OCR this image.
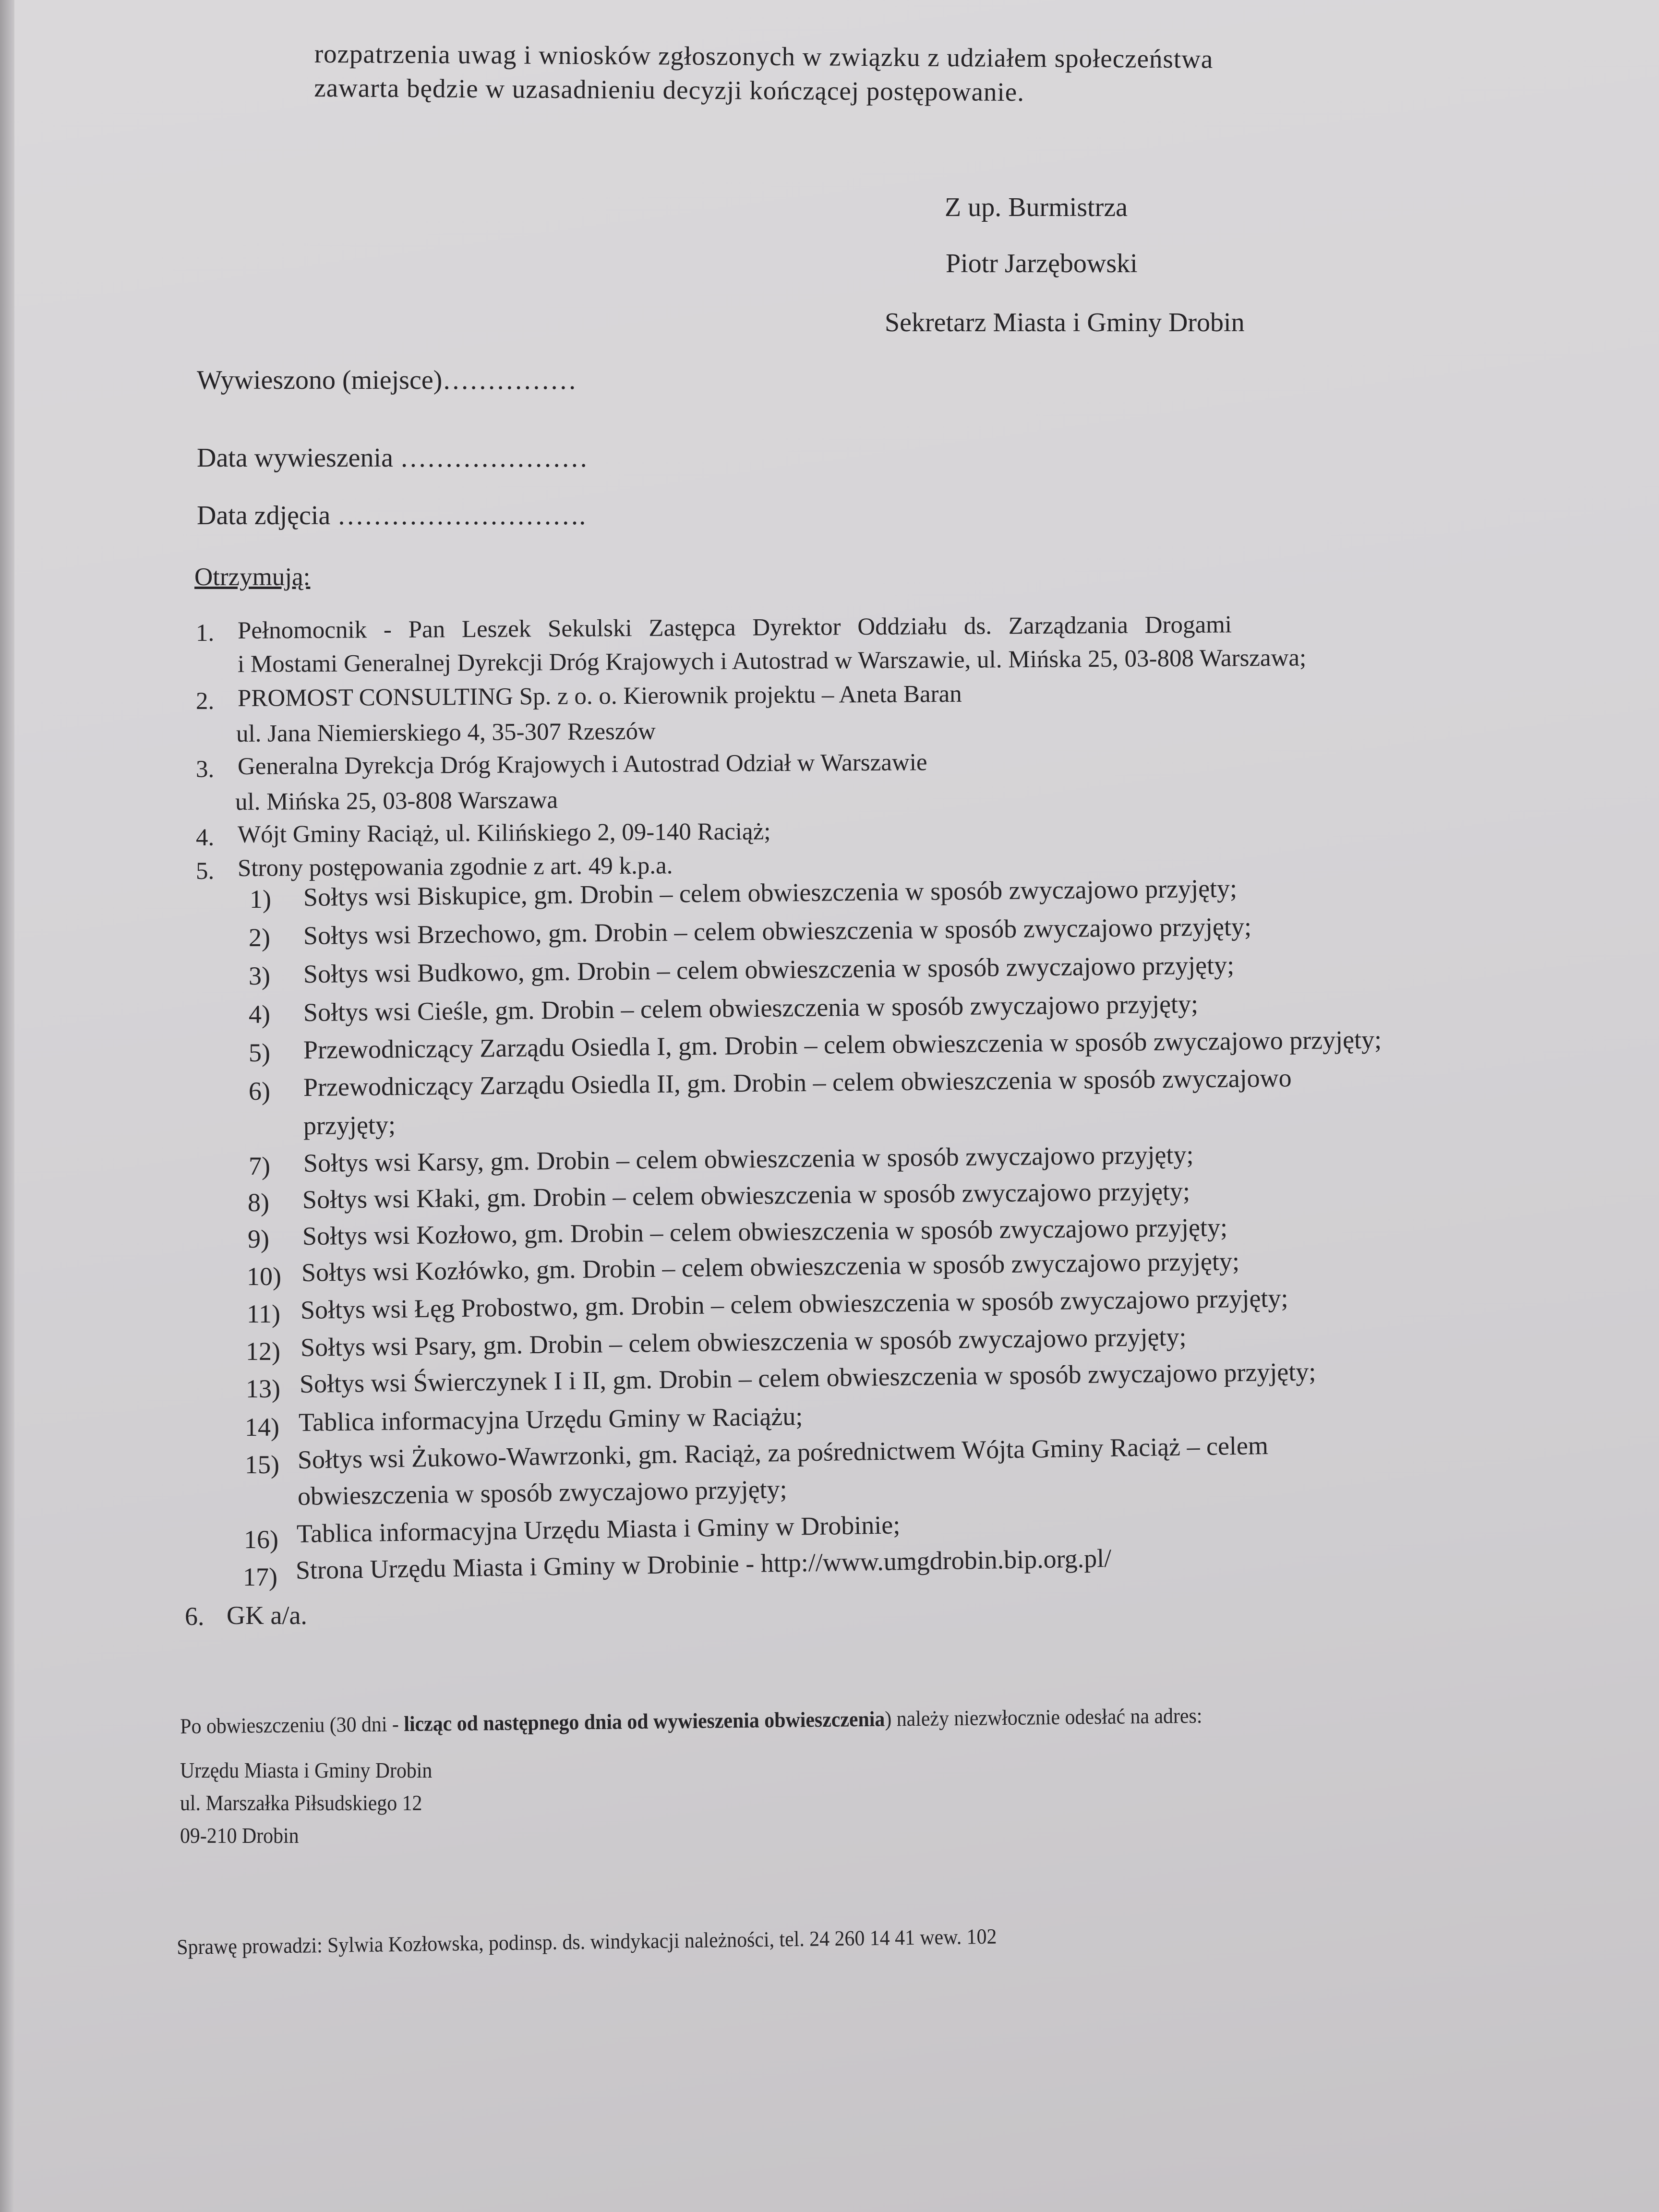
rozpatrzenia uwag i wniosków zgłoszonych w związku z udziałem społeczeństwa
zawarta będzie w uzasadnieniu decyzji kończącej postępowanie.
Z up. Burmistrza
Piotr Jarzębowski
Sekretarz Miasta i Gminy Drobin
Wywieszono (miejsce)……………
Data wywieszenia …………………
Data zdjęcia ……………………….
Otrzymują:
1. Pełnomocnik - Pan Leszek Sekulski Zastępca Dyrektor Oddziału ds. Zarządzania Drogami
i Mostami Generalnej Dyrekcji Dróg Krajowych i Autostrad w Warszawie, ul. Mińska 25, 03-808 Warszawa;
2. PROMOST CONSULTING Sp. z o. o. Kierownik projektu – Aneta Baran
ul. Jana Niemierskiego 4, 35-307 Rzeszów
3. Generalna Dyrekcja Dróg Krajowych i Autostrad Odział w Warszawie
ul. Mińska 25, 03-808 Warszawa
4. Wójt Gminy Raciąż, ul. Kilińskiego 2, 09-140 Raciąż;
5. Strony postępowania zgodnie z art. 49 k.p.a.
1) Sołtys wsi Biskupice, gm. Drobin – celem obwieszczenia w sposób zwyczajowo przyjęty;
2) Sołtys wsi Brzechowo, gm. Drobin – celem obwieszczenia w sposób zwyczajowo przyjęty;
3) Sołtys wsi Budkowo, gm. Drobin – celem obwieszczenia w sposób zwyczajowo przyjęty;
4) Sołtys wsi Cieśle, gm. Drobin – celem obwieszczenia w sposób zwyczajowo przyjęty;
5) Przewodniczący Zarządu Osiedla I, gm. Drobin – celem obwieszczenia w sposób zwyczajowo przyjęty;
6) Przewodniczący Zarządu Osiedla II, gm. Drobin – celem obwieszczenia w sposób zwyczajowo
przyjęty;
7) Sołtys wsi Karsy, gm. Drobin – celem obwieszczenia w sposób zwyczajowo przyjęty;
8) Sołtys wsi Kłaki, gm. Drobin – celem obwieszczenia w sposób zwyczajowo przyjęty;
9) Sołtys wsi Kozłowo, gm. Drobin – celem obwieszczenia w sposób zwyczajowo przyjęty;
10) Sołtys wsi Kozłówko, gm. Drobin – celem obwieszczenia w sposób zwyczajowo przyjęty;
11) Sołtys wsi Łęg Probostwo, gm. Drobin – celem obwieszczenia w sposób zwyczajowo przyjęty;
12) Sołtys wsi Psary, gm. Drobin – celem obwieszczenia w sposób zwyczajowo przyjęty;
13) Sołtys wsi Świerczynek I i II, gm. Drobin – celem obwieszczenia w sposób zwyczajowo przyjęty;
14) Tablica informacyjna Urzędu Gminy w Raciążu;
15) Sołtys wsi Żukowo-Wawrzonki, gm. Raciąż, za pośrednictwem Wójta Gminy Raciąż – celem
obwieszczenia w sposób zwyczajowo przyjęty;
16) Tablica informacyjna Urzędu Miasta i Gminy w Drobinie;
17) Strona Urzędu Miasta i Gminy w Drobinie - http://www.umgdrobin.bip.org.pl/
6. GK a/a.
Po obwieszczeniu (30 dni - licząc od następnego dnia od wywieszenia obwieszczenia) należy niezwłocznie odesłać na adres:
Urzędu Miasta i Gminy Drobin
ul. Marszałka Piłsudskiego 12
09-210 Drobin
Sprawę prowadzi: Sylwia Kozłowska, podinsp. ds. windykacji należności, tel. 24 260 14 41 wew. 102
